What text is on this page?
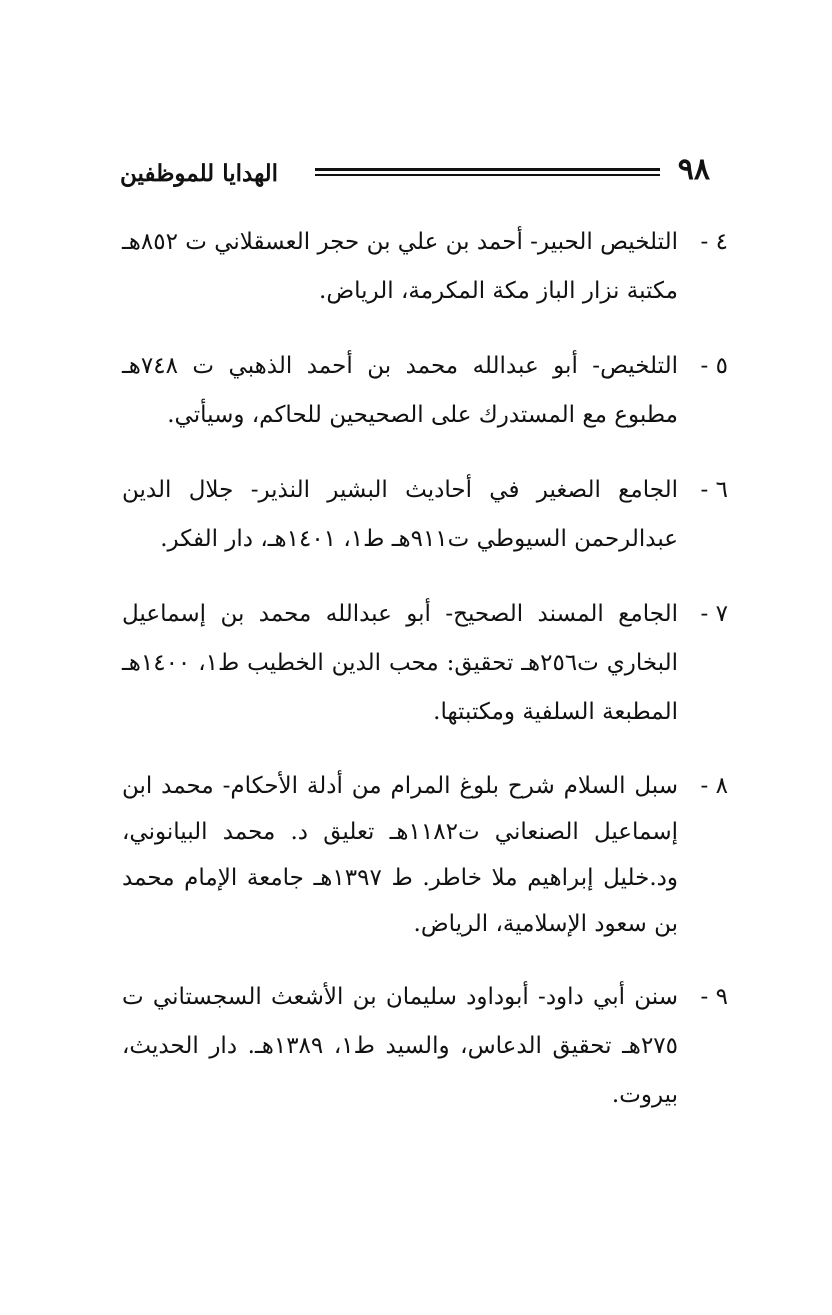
٩٨
الهدايا للموظفين
٤ -
التلخيص الحبير- أحمد بن علي بن حجر العسقلاني ت ٨٥٢هـ مكتبة نزار الباز مكة المكرمة، الرياض.
٥ -
التلخيص- أبو عبدالله محمد بن أحمد الذهبي ت ٧٤٨هـ مطبوع مع المستدرك على الصحيحين للحاكم، وسيأتي.
٦ -
الجامع الصغير في أحاديث البشير النذير- جلال الدين عبدالرحمن السيوطي ت٩١١هـ ط١، ١٤٠١هـ، دار الفكر.
٧ -
الجامع المسند الصحيح- أبو عبدالله محمد بن إسماعيل البخاري ت٢٥٦هـ تحقيق: محب الدين الخطيب ط١، ١٤٠٠هـ المطبعة السلفية ومكتبتها.
٨ -
سبل السلام شرح بلوغ المرام من أدلة الأحكام- محمد ابن إسماعيل الصنعاني ت١١٨٢هـ تعليق د. محمد البيانوني، ود.خليل إبراهيم ملا خاطر. ط ١٣٩٧هـ جامعة الإمام محمد بن سعود الإسلامية، الرياض.
٩ -
سنن أبي داود- أبوداود سليمان بن الأشعث السجستاني ت ٢٧٥هـ تحقيق الدعاس، والسيد ط١، ١٣٨٩هـ. دار الحديث، بيروت.
